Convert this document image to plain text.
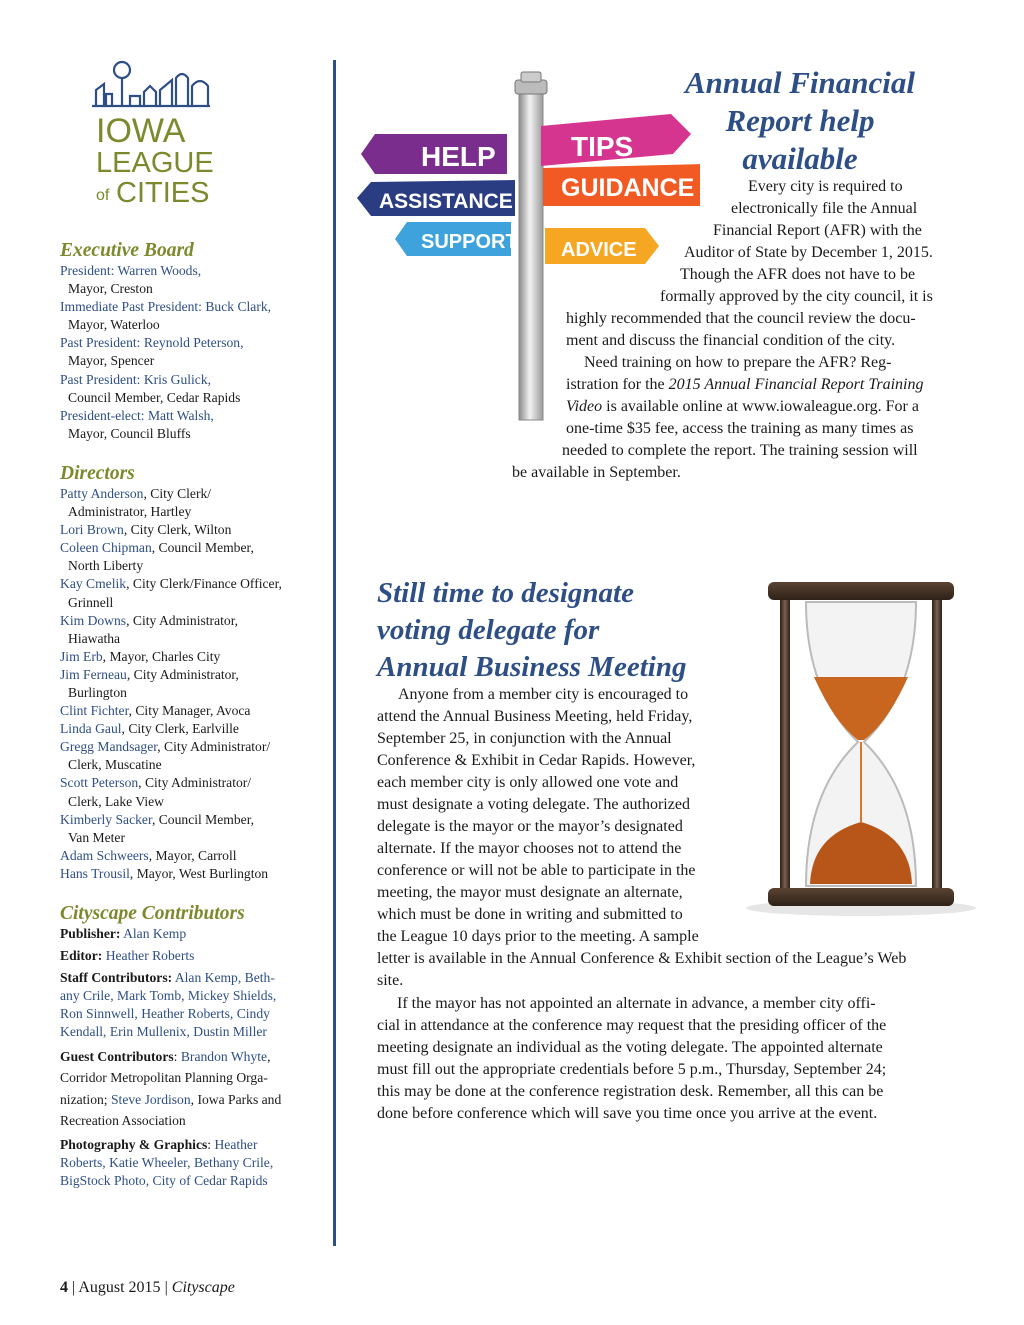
IOWA
LEAGUE
of CITIES

Executive Board

President: Warren Woods,
Mayor, Creston

Immediate Past President: Buck Clark,
Mayor, Waterloo

Past President: Reynold Peterson,
Mayor, Spencer

Past President: Kris Gulick,
Council Member, Cedar Rapids

President-elect: Matt Walsh,
Mayor, Council Bluffs

Directors

Patty Anderson, City Clerk/
Administrator, Hartley

Lori Brown, City Clerk, Wilton

Coleen Chipman, Council Member,
North Liberty

Kay Cmelik, City Clerk/Finance Officer,
Grinnell

Kim Downs, City Administrator,
Hiawatha

Jim Erb, Mayor, Charles City

Jim Ferneau, City Administrator,
Burlington

Clint Fichter, City Manager, Avoca

Linda Gaul, City Clerk, Earlville

Gregg Mandsager, City Administrator/
Clerk, Muscatine

Scott Peterson, City Administrator/
Clerk, Lake View

Kimberly Sacker, Council Member,
Van Meter

Adam Schweers, Mayor, Carroll

Hans Trousil, Mayor, West Burlington

Cityscape Contributors

Publisher: Alan Kemp

Editor: Heather Roberts

Staff Contributors: Alan Kemp, Beth-
any Crile, Mark Tomb, Mickey Shields,
Ron Sinnwell, Heather Roberts, Cindy
Kendall, Erin Mullenix, Dustin Miller

Guest Contributors: Brandon Whyte,
Corridor Metropolitan Planning Orga-
nization; Steve Jordison, Iowa Parks and
Recreation Association

Photography & Graphics: Heather
Roberts, Katie Wheeler, Bethany Crile,
BigStock Photo, City of Cedar Rapids

HELP	TIPS
ASSISTANCE GUIDANCE
SUPPORT ADVICE
Annual Financial
Report help
available

Every city is required to

electronically file the Annual

Financial Report (AFR) with the

Auditor of State by December 1, 2015.

Though the AFR does not have to be

formally approved by the city council, it is

highly recommended that the council review the docu-

ment and discuss the financial condition of the city.

Need training on how to prepare the AFR? Reg-

istration for the 2015 Annual Financial Report Training

Video is available online at www.iowaleague.org. For a

one-time $35 fee, access the training as many times as

needed to complete the report. The training session will

be available in September.

Still time to designate
voting delegate for
Annual Business Meeting

Anyone from a member city is encouraged to

attend the Annual Business Meeting, held Friday,

September 25, in conjunction with the Annual

Conference & Exhibit in Cedar Rapids. However,

each member city is only allowed one vote and

must designate a voting delegate. The authorized

delegate is the mayor or the mayor’s designated

alternate. If the mayor chooses not to attend the

conference or will not be able to participate in the

meeting, the mayor must designate an alternate,

which must be done in writing and submitted to

the League 10 days prior to the meeting. A sample

letter is available in the Annual Conference & Exhibit section of the League’s Web

site.

If the mayor has not appointed an alternate in advance, a member city offi-

cial in attendance at the conference may request that the presiding officer of the

meeting designate an individual as the voting delegate. The appointed alternate

must fill out the appropriate credentials before 5 p.m., Thursday, September 24;

this may be done at the conference registration desk. Remember, all this can be

done before conference which will save you time once you arrive at the event.

4 | August 2015 | Cityscape
